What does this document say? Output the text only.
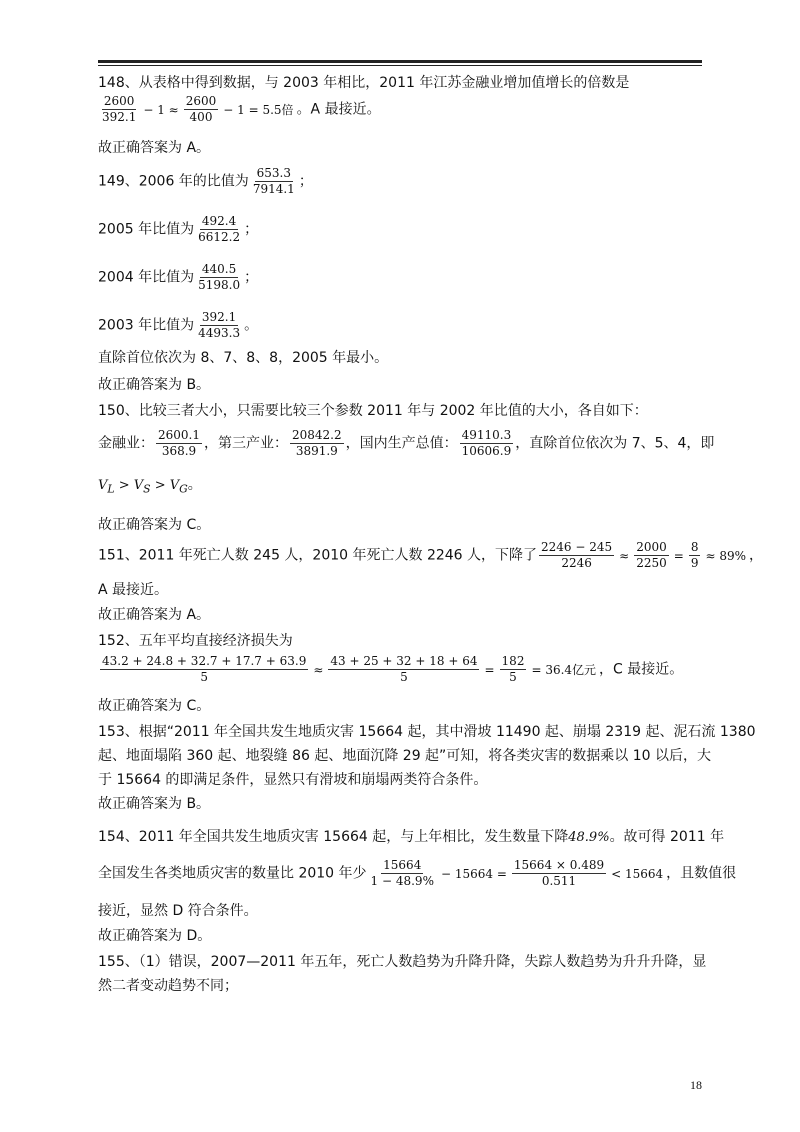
148、从表格中得到数据，与 2003 年相比，2011 年江苏金融业增加值增长的倍数是
$\frac{2600}{392.1} - 1 \approx \frac{2600}{400} - 1 = 5.5$倍 。A 最接近。
故正确答案为 A。
149、2006 年的比值为 $\frac{653.3}{7914.1}$ ；
2005 年比值为 $\frac{492.4}{6612.2}$ ；
2004 年比值为 $\frac{440.5}{5198.0}$ ；
2003 年比值为 $\frac{392.1}{4493.3}$ 。
直除首位依次为 8、7、8、8，2005 年最小。
故正确答案为 B。
150、比较三者大小，只需要比较三个参数 2011 年与 2002 年比值的大小，各自如下：
金融业： $\frac{2600.1}{368.9}$ ，第三产业： $\frac{20842.2}{3891.9}$ ，国内生产总值： $\frac{49110.3}{10606.9}$ ，直除首位依次为 7、5、4，即
$V_L > V_S > V_G$。
故正确答案为 C。
151、2011 年死亡人数 245 人，2010 年死亡人数 2246 人，下降了 $\frac{2246 - 245}{2246} \approx \frac{2000}{2250} = \frac{8}{9} \approx 89\%$ ，
A 最接近。
故正确答案为 A。
152、五年平均直接经济损失为
$\frac{43.2 + 24.8 + 32.7 + 17.7 + 63.9}{5} \approx \frac{43 + 25 + 32 + 18 + 64}{5} = \frac{182}{5} = 36.4$亿元 ，C 最接近。
故正确答案为 C。
153、根据“2011 年全国共发生地质灾害 15664 起，其中滑坡 11490 起、崩塌 2319 起、泥石流 1380
起、地面塌陷 360 起、地裂缝 86 起、地面沉降 29 起”可知，将各类灾害的数据乘以 10 以后，大
于 15664 的即满足条件，显然只有滑坡和崩塌两类符合条件。
故正确答案为 B。
154、2011 年全国共发生地质灾害 15664 起，与上年相比，发生数量下降48.9%。故可得 2011 年
全国发生各类地质灾害的数量比 2010 年少 $\frac{15664}{1 - 48.9\%} - 15664 = \frac{15664 \times 0.489}{0.511} < 15664$ ，且数值很
接近，显然 D 符合条件。
故正确答案为 D。
155、（1）错误，2007—2011 年五年，死亡人数趋势为升降升降，失踪人数趋势为升升升降，显
然二者变动趋势不同；
18
